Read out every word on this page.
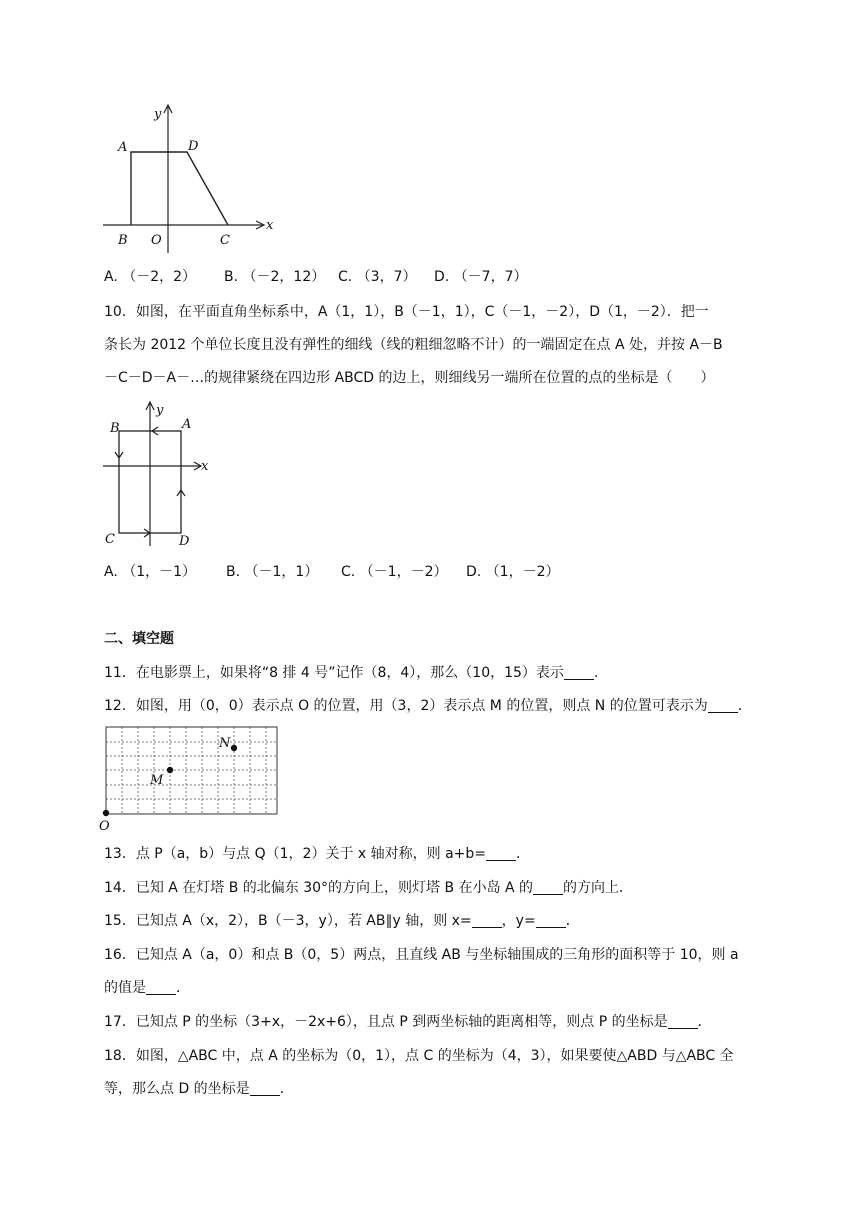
y
x
A	D
B O	C
A. （－2，2） B. （－2，12） C. （3，7） D. （－7，7）
10．如图，在平面直角坐标系中，A（1，1），B（－1，1），C（－1，－2），D（1，－2）．把一
条长为 2012 个单位长度且没有弹性的细线（线的粗细忽略不计）的一端固定在点 A 处，并按 A－B
－C－D－A－…的规律紧绕在四边形 ABCD 的边上，则细线另一端所在位置的点的坐标是（　　）
y
x
B	A
C	D
A. （1，－1） B. （－1，1） C. （－1，－2） D. （1，－2）
二、填空题
11．在电影票上，如果将“8 排 4 号”记作（8，4），那么（10，15）表示 ．
12．如图，用（0，0）表示点 O 的位置，用（3，2）表示点 M 的位置，则点 N 的位置可表示为 ．
N
M
O
13．点 P（a，b）与点 Q（1，2）关于 x 轴对称，则 a+b= ．
14．已知 A 在灯塔 B 的北偏东 30°的方向上，则灯塔 B 在小岛 A 的 的方向上．
15．已知点 A（x，2），B（－3，y），若 AB∥y 轴，则 x= ，y= ．
16．已知点 A（a，0）和点 B（0，5）两点，且直线 AB 与坐标轴围成的三角形的面积等于 10，则 a
的值是 ．
17．已知点 P 的坐标（3+x，－2x+6），且点 P 到两坐标轴的距离相等，则点 P 的坐标是 ．
18．如图，△ABC 中，点 A 的坐标为（0，1），点 C 的坐标为（4，3），如果要使△ABD 与△ABC 全
等，那么点 D 的坐标是 ．
